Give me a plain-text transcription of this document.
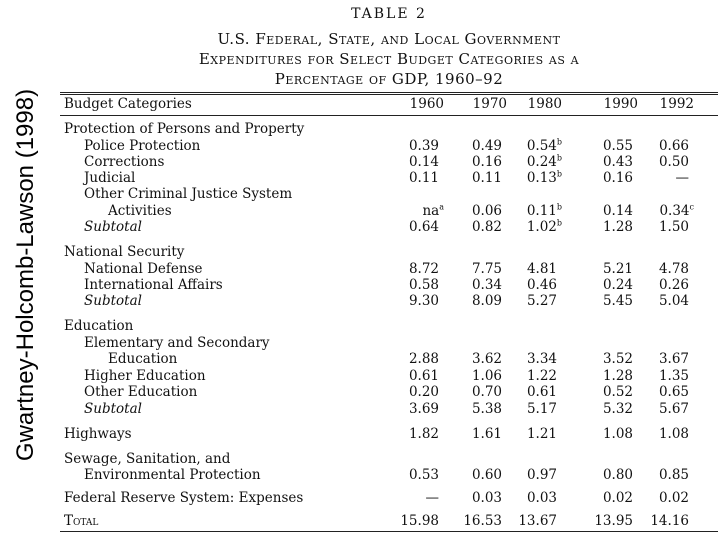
Gwartney-Holcomb-Lawson (1998)
TABLE 2
U.S. Federal, State, and Local Government
Expenditures for Select Budget Categories as a
Percentage of GDP, 1960–92
Budget Categories	1960	1970	1980	1990	1992
Protection of Persons and Property
Police Protection	0.39	0.49	0.54$^b$	0.55	0.66
Corrections	0.14	0.16	0.24$^b$	0.43	0.50
Judicial	0.11	0.11	0.13$^b$	0.16	—
Other Criminal Justice System
Activities	$na^a$	0.06	0.11$^b$	0.14	0.34$^c$
Subtotal	0.64	0.82	1.02$^b$	1.28	1.50
National Security
National Defense	8.72	7.75	4.81	5.21	4.78
International Affairs	0.58	0.34	0.46	0.24	0.26
Subtotal	9.30	8.09	5.27	5.45	5.04
Education
Elementary and Secondary
Education	2.88	3.62	3.34	3.52	3.67
Higher Education	0.61	1.06	1.22	1.28	1.35
Other Education	0.20	0.70	0.61	0.52	0.65
Subtotal	3.69	5.38	5.17	5.32	5.67
Highways	1.82	1.61	1.21	1.08	1.08
Sewage, Sanitation, and
Environmental Protection	0.53	0.60	0.97	0.80	0.85
Federal Reserve System: Expenses	—	0.03	0.03	0.02	0.02
Total	15.98	16.53	13.67	13.95	14.16
